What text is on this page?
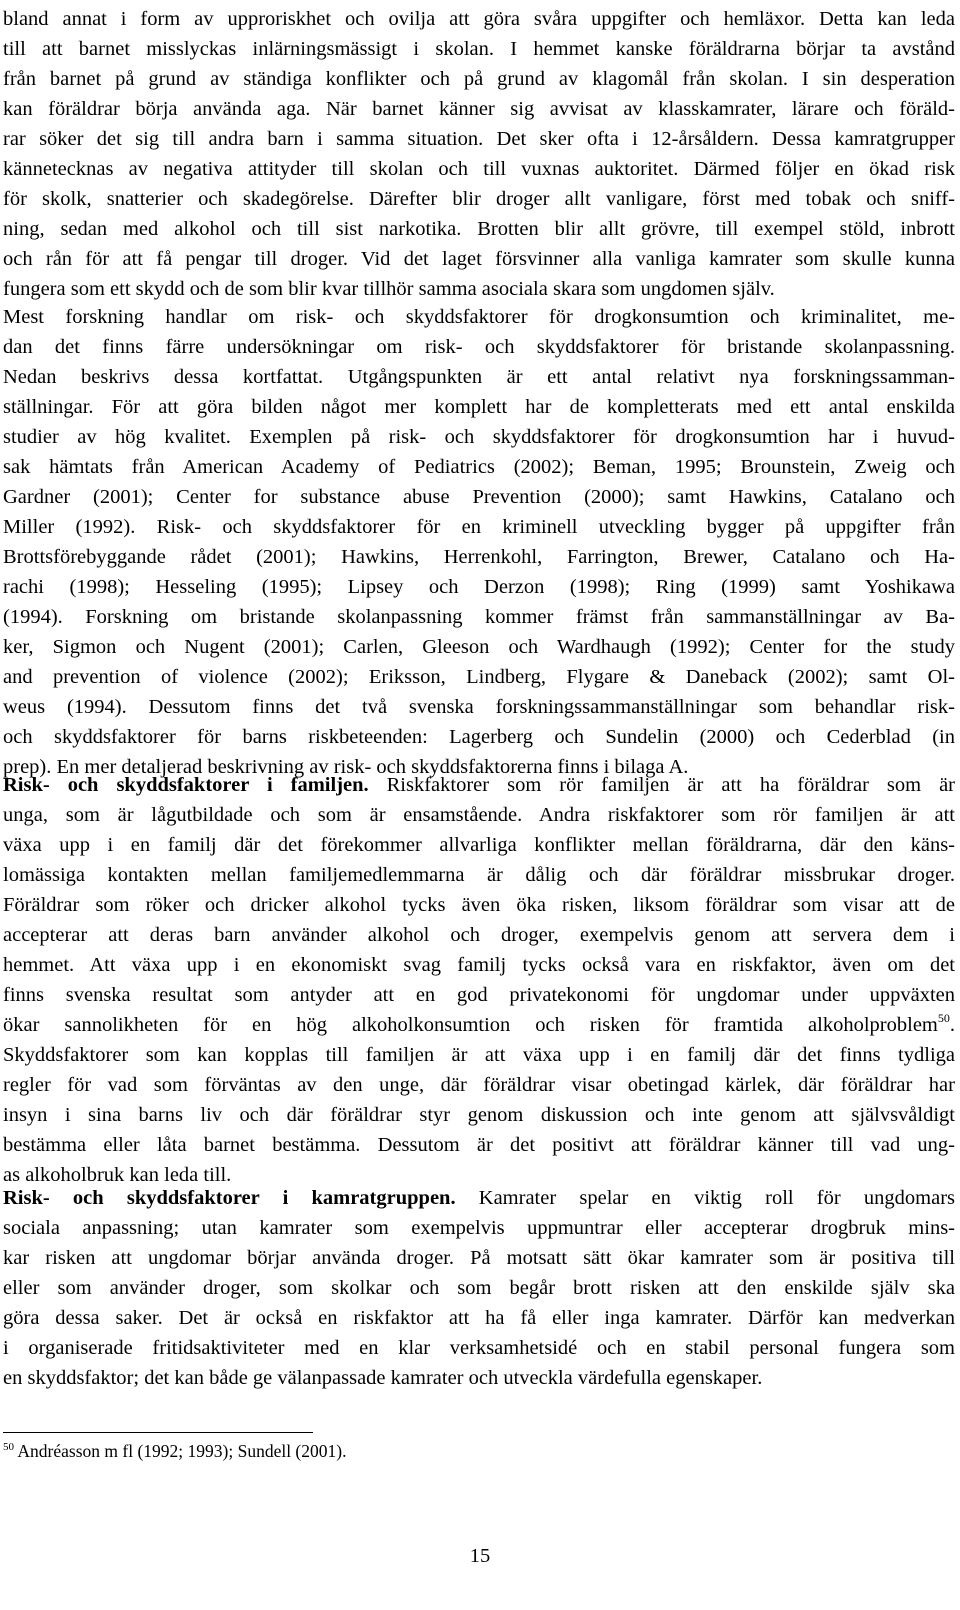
bland annat i form av upproriskhet och ovilja att göra svåra uppgifter och hemläxor. Detta kan leda
till att barnet misslyckas inlärningsmässigt i skolan. I hemmet kanske föräldrarna börjar ta avstånd
från barnet på grund av ständiga konflikter och på grund av klagomål från skolan. I sin desperation
kan föräldrar börja använda aga. När barnet känner sig avvisat av klasskamrater, lärare och föräld-
rar söker det sig till andra barn i samma situation. Det sker ofta i 12-årsåldern. Dessa kamratgrupper
kännetecknas av negativa attityder till skolan och till vuxnas auktoritet. Därmed följer en ökad risk
för skolk, snatterier och skadegörelse. Därefter blir droger allt vanligare, först med tobak och sniff-
ning, sedan med alkohol och till sist narkotika. Brotten blir allt grövre, till exempel stöld, inbrott
och rån för att få pengar till droger. Vid det laget försvinner alla vanliga kamrater som skulle kunna
fungera som ett skydd och de som blir kvar tillhör samma asociala skara som ungdomen själv.
Mest forskning handlar om risk- och skyddsfaktorer för drogkonsumtion och kriminalitet, me-
dan det finns färre undersökningar om risk- och skyddsfaktorer för bristande skolanpassning.
Nedan beskrivs dessa kortfattat. Utgångspunkten är ett antal relativt nya forskningssamman-
ställningar. För att göra bilden något mer komplett har de kompletterats med ett antal enskilda
studier av hög kvalitet. Exemplen på risk- och skyddsfaktorer för drogkonsumtion har i huvud-
sak hämtats från American Academy of Pediatrics (2002); Beman, 1995; Brounstein, Zweig och
Gardner (2001); Center for substance abuse Prevention (2000); samt Hawkins, Catalano och
Miller (1992). Risk- och skyddsfaktorer för en kriminell utveckling bygger på uppgifter från
Brottsförebyggande rådet (2001); Hawkins, Herrenkohl, Farrington, Brewer, Catalano och Ha-
rachi (1998); Hesseling (1995); Lipsey och Derzon (1998); Ring (1999) samt Yoshikawa
(1994). Forskning om bristande skolanpassning kommer främst från sammanställningar av Ba-
ker, Sigmon och Nugent (2001); Carlen, Gleeson och Wardhaugh (1992); Center for the study
and prevention of violence (2002); Eriksson, Lindberg, Flygare & Daneback (2002); samt Ol-
weus (1994). Dessutom finns det två svenska forskningssammanställningar som behandlar risk-
och skyddsfaktorer för barns riskbeteenden: Lagerberg och Sundelin (2000) och Cederblad (in
prep). En mer detaljerad beskrivning av risk- och skyddsfaktorerna finns i bilaga A.
Risk- och skyddsfaktorer i familjen. Riskfaktorer som rör familjen är att ha föräldrar som är
unga, som är lågutbildade och som är ensamstående. Andra riskfaktorer som rör familjen är att
växa upp i en familj där det förekommer allvarliga konflikter mellan föräldrarna, där den käns-
lomässiga kontakten mellan familjemedlemmarna är dålig och där föräldrar missbrukar droger.
Föräldrar som röker och dricker alkohol tycks även öka risken, liksom föräldrar som visar att de
accepterar att deras barn använder alkohol och droger, exempelvis genom att servera dem i
hemmet. Att växa upp i en ekonomiskt svag familj tycks också vara en riskfaktor, även om det
finns svenska resultat som antyder att en god privatekonomi för ungdomar under uppväxten
ökar sannolikheten för en hög alkoholkonsumtion och risken för framtida alkoholproblem$^{50}$.
Skyddsfaktorer som kan kopplas till familjen är att växa upp i en familj där det finns tydliga
regler för vad som förväntas av den unge, där föräldrar visar obetingad kärlek, där föräldrar har
insyn i sina barns liv och där föräldrar styr genom diskussion och inte genom att självsvåldigt
bestämma eller låta barnet bestämma. Dessutom är det positivt att föräldrar känner till vad ung-
as alkoholbruk kan leda till.
Risk- och skyddsfaktorer i kamratgruppen. Kamrater spelar en viktig roll för ungdomars
sociala anpassning; utan kamrater som exempelvis uppmuntrar eller accepterar drogbruk mins-
kar risken att ungdomar börjar använda droger. På motsatt sätt ökar kamrater som är positiva till
eller som använder droger, som skolkar och som begår brott risken att den enskilde själv ska
göra dessa saker. Det är också en riskfaktor att ha få eller inga kamrater. Därför kan medverkan
i organiserade fritidsaktiviteter med en klar verksamhetsidé och en stabil personal fungera som
en skyddsfaktor; det kan både ge välanpassade kamrater och utveckla värdefulla egenskaper.
$^{50}$ Andréasson m fl (1992; 1993); Sundell (2001).
15
